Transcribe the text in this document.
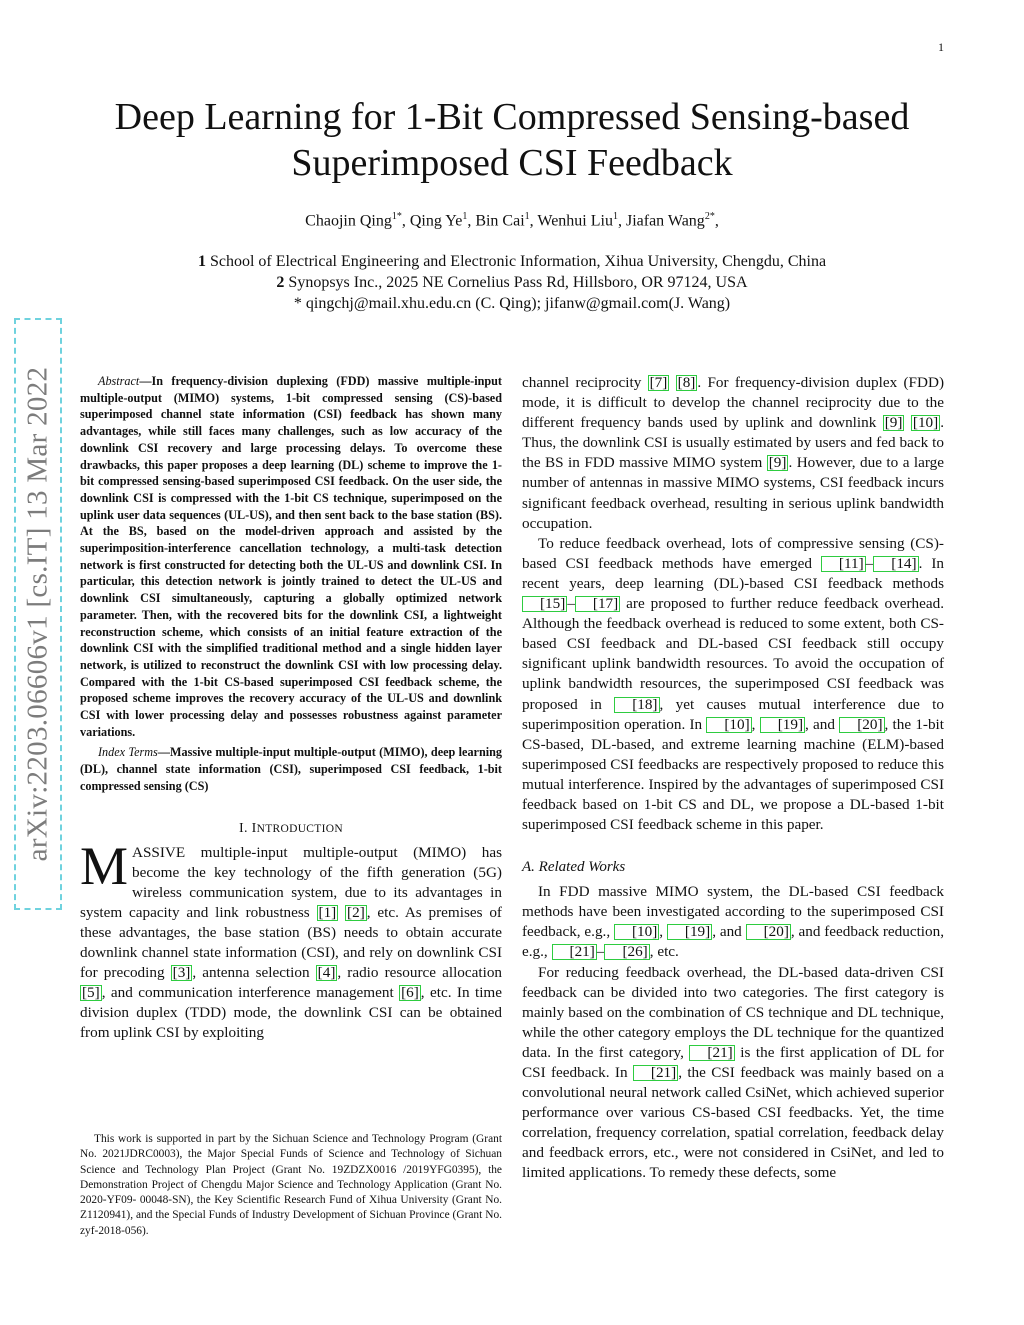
1
arXiv:2203.06606v1 [cs.IT] 13 Mar 2022
Deep Learning for 1-Bit Compressed Sensing-based Superimposed CSI Feedback
Chaojin Qing$^{1*}$, Qing Ye$^1$, Bin Cai$^1$, Wenhui Liu$^1$, Jiafan Wang$^{2*}$,
1 School of Electrical Engineering and Electronic Information, Xihua University, Chengdu, China
2 Synopsys Inc., 2025 NE Cornelius Pass Rd, Hillsboro, OR 97124, USA
* qingchj@mail.xhu.edu.cn (C. Qing); jifanw@gmail.com(J. Wang)

Abstract—In frequency-division duplexing (FDD) massive multiple-input multiple-output (MIMO) systems, 1-bit compressed sensing (CS)-based superimposed channel state information (CSI) feedback has shown many advantages, while still faces many challenges, such as low accuracy of the downlink CSI recovery and large processing delays. To overcome these drawbacks, this paper proposes a deep learning (DL) scheme to improve the 1-bit compressed sensing-based superimposed CSI feedback. On the user side, the downlink CSI is compressed with the 1-bit CS technique, superimposed on the uplink user data sequences (UL-US), and then sent back to the base station (BS). At the BS, based on the model-driven approach and assisted by the superimposition-interference cancellation technology, a multi-task detection network is first constructed for detecting both the UL-US and downlink CSI. In particular, this detection network is jointly trained to detect the UL-US and downlink CSI simultaneously, capturing a globally optimized network parameter. Then, with the recovered bits for the downlink CSI, a lightweight reconstruction scheme, which consists of an initial feature extraction of the downlink CSI with the simplified traditional method and a single hidden layer network, is utilized to reconstruct the downlink CSI with low processing delay. Compared with the 1-bit CS-based superimposed CSI feedback scheme, the proposed scheme improves the recovery accuracy of the UL-US and downlink CSI with lower processing delay and possesses robustness against parameter variations.

Index Terms—Massive multiple-input multiple-output (MIMO), deep learning (DL), channel state information (CSI), superimposed CSI feedback, 1-bit compressed sensing (CS)

I. INTRODUCTION

MASSIVE multiple-input multiple-output (MIMO) has become the key technology of the fifth generation (5G) wireless communication system, due to its advantages in system capacity and link robustness [1] [2] , etc. As premises of these advantages, the base station (BS) needs to obtain accurate downlink channel state information (CSI), and rely on downlink CSI for precoding [3] , antenna selection [4] , radio resource allocation [5] , and communication interference management [6] , etc. In time division duplex (TDD) mode, the downlink CSI can be obtained from uplink CSI by exploiting

This work is supported in part by the Sichuan Science and Technology Program (Grant No. 2021JDRC0003), the Major Special Funds of Science and Technology of Sichuan Science and Technology Plan Project (Grant No. 19ZDZX0016 /2019YFG0395), the Demonstration Project of Chengdu Major Science and Technology Application (Grant No. 2020-YF09- 00048-SN), the Key Scientific Research Fund of Xihua University (Grant No. Z1120941), and the Special Funds of Industry Development of Sichuan Province (Grant No. zyf-2018-056).

channel reciprocity [7] [8] . For frequency-division duplex (FDD) mode, it is difficult to develop the channel reciprocity due to the different frequency bands used by uplink and downlink [9] [10] . Thus, the downlink CSI is usually estimated by users and fed back to the BS in FDD massive MIMO system [9] . However, due to a large number of antennas in massive MIMO systems, CSI feedback incurs significant feedback overhead, resulting in serious uplink bandwidth occupation.

To reduce feedback overhead, lots of compressive sensing (CS)-based CSI feedback methods have emerged [11] – [14] . In recent years, deep learning (DL)-based CSI feedback methods [15] – [17] are proposed to further reduce feedback overhead. Although the feedback overhead is reduced to some extent, both CS-based CSI feedback and DL-based CSI feedback still occupy significant uplink bandwidth resources. To avoid the occupation of uplink bandwidth resources, the superimposed CSI feedback was proposed in [18] , yet causes mutual interference due to superimposition operation. In [10] , [19] , and [20] , the 1-bit CS-based, DL-based, and extreme learning machine (ELM)-based superimposed CSI feedbacks are respectively proposed to reduce this mutual interference. Inspired by the advantages of superimposed CSI feedback based on 1-bit CS and DL, we propose a DL-based 1-bit superimposed CSI feedback scheme in this paper.

A. Related Works

In FDD massive MIMO system, the DL-based CSI feedback methods have been investigated according to the superimposed CSI feedback, e.g., [10] , [19] , and [20] , and feedback reduction, e.g., [21] – [26] , etc.

For reducing feedback overhead, the DL-based data-driven CSI feedback can be divided into two categories. The first category is mainly based on the combination of CS technique and DL technique, while the other category employs the DL technique for the quantized data. In the first category, [21] is the first application of DL for CSI feedback. In [21] , the CSI feedback was mainly based on a convolutional neural network called CsiNet, which achieved superior performance over various CS-based CSI feedbacks. Yet, the time correlation, frequency correlation, spatial correlation, feedback delay and feedback errors, etc., were not considered in CsiNet, and led to limited applications. To remedy these defects, some
